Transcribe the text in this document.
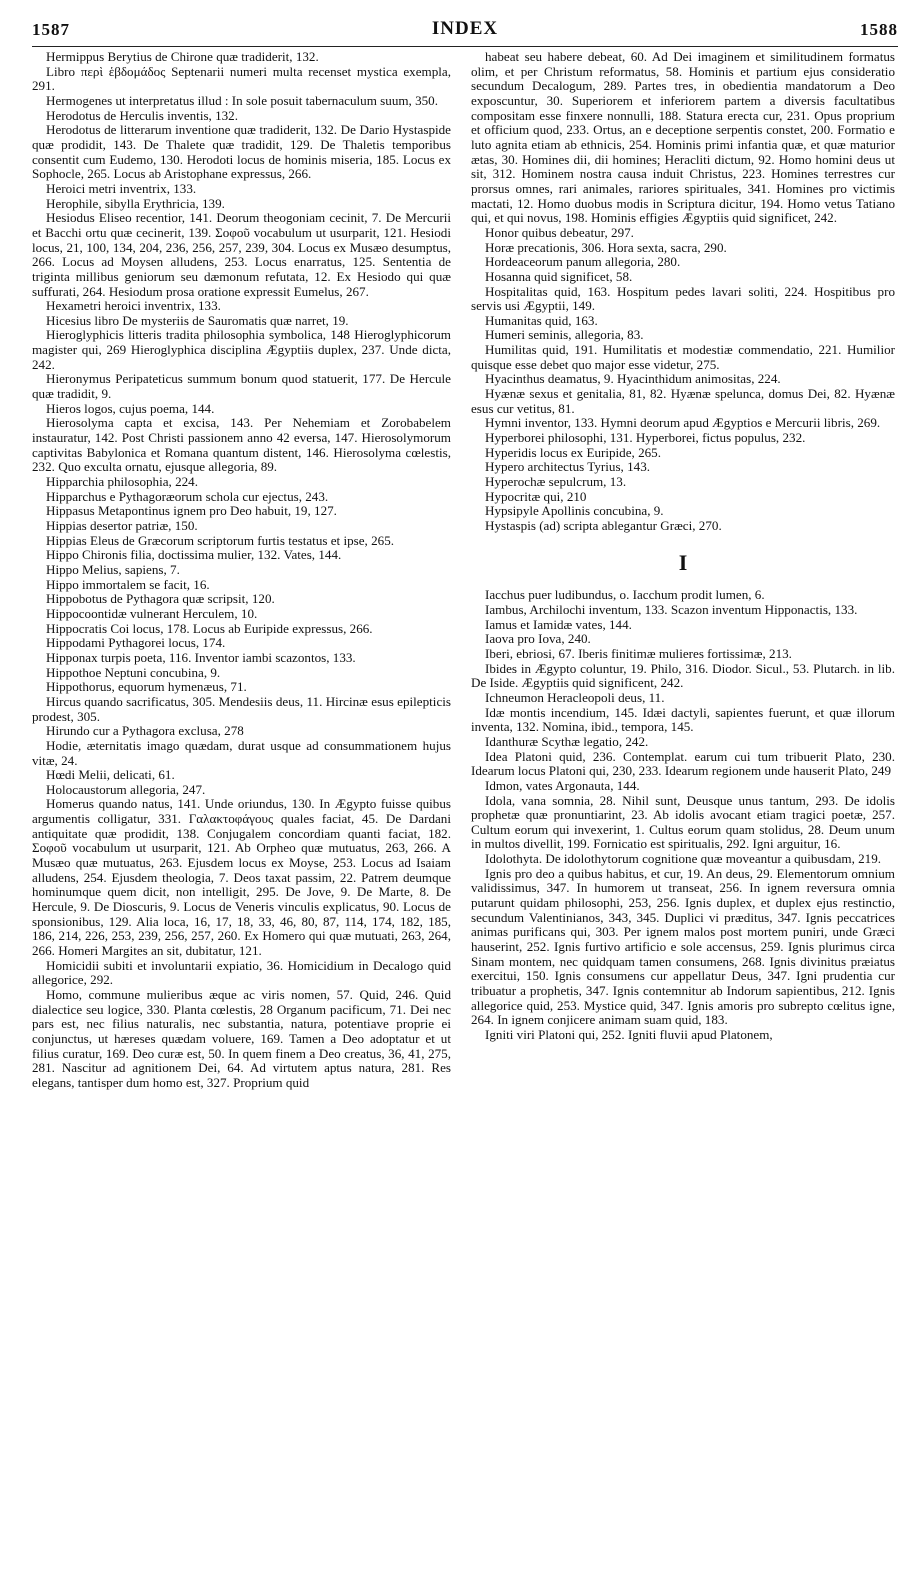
1587	INDEX	1588

Hermippus Berytius de Chirone quæ tradiderit, 132.

Libro περὶ ἑβδομάδος Septenarii numeri multa recenset mystica exempla, 291.

Hermogenes ut interpretatus illud : In sole posuit tabernaculum suum, 350.

Herodotus de Herculis inventis, 132.

Herodotus de litterarum inventione quæ tradiderit, 132. De Dario Hystaspide quæ prodidit, 143. De Thalete quæ tradidit, 129. De Thaletis temporibus consentit cum Eudemo, 130. Herodoti locus de hominis miseria, 185. Locus ex Sophocle, 265. Locus ab Aristophane expressus, 266.

Heroici metri inventrix, 133.

Herophile, sibylla Erythricia, 139.

Hesiodus Eliseo recentior, 141. Deorum theogoniam cecinit, 7. De Mercurii et Bacchi ortu quæ cecinerit, 139. Σοφοῦ vocabulum ut usurparit, 121. Hesiodi locus, 21, 100, 134, 204, 236, 256, 257, 239, 304. Locus ex Musæo desumptus, 266. Locus ad Moysen alludens, 253. Locus enarratus, 125. Sententia de triginta millibus geniorum seu dæmonum refutata, 12. Ex Hesiodo qui quæ suffurati, 264. Hesiodum prosa oratione expressit Eumelus, 267.

Hexametri heroici inventrix, 133.

Hicesius libro De mysteriis de Sauromatis quæ narret, 19.

Hieroglyphicis litteris tradita philosophia symbolica, 148 Hieroglyphicorum magister qui, 269 Hieroglyphica disciplina Ægyptiis duplex, 237. Unde dicta, 242.

Hieronymus Peripateticus summum bonum quod statuerit, 177. De Hercule quæ tradidit, 9.

Hieros logos, cujus poema, 144.

Hierosolyma capta et excisa, 143. Per Nehemiam et Zorobabelem instauratur, 142. Post Christi passionem anno 42 eversa, 147. Hierosolymorum captivitas Babylonica et Romana quantum distent, 146. Hierosolyma cœlestis, 232. Quo exculta ornatu, ejusque allegoria, 89.

Hipparchia philosophia, 224.

Hipparchus e Pythagoræorum schola cur ejectus, 243.

Hippasus Metapontinus ignem pro Deo habuit, 19, 127.

Hippias desertor patriæ, 150.

Hippias Eleus de Græcorum scriptorum furtis testatus et ipse, 265.

Hippo Chironis filia, doctissima mulier, 132. Vates, 144.

Hippo Melius, sapiens, 7.

Hippo immortalem se facit, 16.

Hippobotus de Pythagora quæ scripsit, 120.

Hippocoontidæ vulnerant Herculem, 10.

Hippocratis Coi locus, 178. Locus ab Euripide expressus, 266.

Hippodami Pythagorei locus, 174.

Hipponax turpis poeta, 116. Inventor iambi scazontos, 133.

Hippothoe Neptuni concubina, 9.

Hippothorus, equorum hymenæus, 71.

Hircus quando sacrificatus, 305. Mendesiis deus, 11. Hircinæ esus epilepticis prodest, 305.

Hirundo cur a Pythagora exclusa, 278

Hodie, æternitatis imago quædam, durat usque ad consummationem hujus vitæ, 24.

Hœdi Melii, delicati, 61.

Holocaustorum allegoria, 247.

Homerus quando natus, 141. Unde oriundus, 130. In Ægypto fuisse quibus argumentis colligatur, 331. Γαλακτοφάγους quales faciat, 45. De Dardani antiquitate quæ prodidit, 138. Conjugalem concordiam quanti faciat, 182. Σοφοῦ vocabulum ut usurparit, 121. Ab Orpheo quæ mutuatus, 263, 266. A Musæo quæ mutuatus, 263. Ejusdem locus ex Moyse, 253. Locus ad Isaiam alludens, 254. Ejusdem theologia, 7. Deos taxat passim, 22. Patrem deumque hominumque quem dicit, non intelligit, 295. De Jove, 9. De Marte, 8. De Hercule, 9. De Dioscuris, 9. Locus de Veneris vinculis explicatus, 90. Locus de sponsionibus, 129. Alia loca, 16, 17, 18, 33, 46, 80, 87, 114, 174, 182, 185, 186, 214, 226, 253, 239, 256, 257, 260. Ex Homero qui quæ mutuati, 263, 264, 266. Homeri Margites an sit, dubitatur, 121.

Homicidii subiti et involuntarii expiatio, 36. Homicidium in Decalogo quid allegorice, 292.

Homo, commune mulieribus æque ac viris nomen, 57. Quid, 246. Quid dialectice seu logice, 330. Planta cœlestis, 28 Organum pacificum, 71. Dei nec pars est, nec filius naturalis, nec substantia, natura, potentiave proprie ei conjunctus, ut hæreses quædam voluere, 169. Tamen a Deo adoptatur et ut filius curatur, 169. Deo curæ est, 50. In quem finem a Deo creatus, 36, 41, 275, 281. Nascitur ad agnitionem Dei, 64. Ad virtutem aptus natura, 281. Res elegans, tantisper dum homo est, 327. Proprium quid

habeat seu habere debeat, 60. Ad Dei imaginem et similitudinem formatus olim, et per Christum reformatus, 58. Hominis et partium ejus consideratio secundum Decalogum, 289. Partes tres, in obedientia mandatorum a Deo exposcuntur, 30. Superiorem et inferiorem partem a diversis facultatibus compositam esse finxere nonnulli, 188. Statura erecta cur, 231. Opus proprium et officium quod, 233. Ortus, an e deceptione serpentis constet, 200. Formatio e luto agnita etiam ab ethnicis, 254. Hominis primi infantia quæ, et quæ maturior ætas, 30. Homines dii, dii homines; Heracliti dictum, 92. Homo homini deus ut sit, 312. Hominem nostra causa induit Christus, 223. Homines terrestres cur prorsus omnes, rari animales, rariores spirituales, 341. Homines pro victimis mactati, 12. Homo duobus modis in Scriptura dicitur, 194. Homo vetus Tatiano qui, et qui novus, 198. Hominis effigies Ægyptiis quid significet, 242.

Honor quibus debeatur, 297.

Horæ precationis, 306. Hora sexta, sacra, 290.

Hordeaceorum panum allegoria, 280.

Hosanna quid significet, 58.

Hospitalitas quid, 163. Hospitum pedes lavari soliti, 224. Hospitibus pro servis usi Ægyptii, 149.

Humanitas quid, 163.

Humeri seminis, allegoria, 83.

Humilitas quid, 191. Humilitatis et modestiæ commendatio, 221. Humilior quisque esse debet quo major esse videtur, 275.

Hyacinthus deamatus, 9. Hyacinthidum animositas, 224.

Hyænæ sexus et genitalia, 81, 82. Hyænæ spelunca, domus Dei, 82. Hyænæ esus cur vetitus, 81.

Hymni inventor, 133. Hymni deorum apud Ægyptios e Mercurii libris, 269.

Hyperborei philosophi, 131. Hyperborei, fictus populus, 232.

Hyperidis locus ex Euripide, 265.

Hypero architectus Tyrius, 143.

Hyperochæ sepulcrum, 13.

Hypocritæ qui, 210

Hypsipyle Apollinis concubina, 9.

Hystaspis (ad) scripta ablegantur Græci, 270.

I

Iacchus puer ludibundus, o. Iacchum prodit lumen, 6.

Iambus, Archilochi inventum, 133. Scazon inventum Hipponactis, 133.

Iamus et Iamidæ vates, 144.

Iaova pro Iova, 240.

Iberi, ebriosi, 67. Iberis finitimæ mulieres fortissimæ, 213.

Ibides in Ægypto coluntur, 19. Philo, 316. Diodor. Sicul., 53. Plutarch. in lib. De Iside. Ægyptiis quid significent, 242.

Ichneumon Heracleopoli deus, 11.

Idæ montis incendium, 145. Idæi dactyli, sapientes fuerunt, et quæ illorum inventa, 132. Nomina, ibid., tempora, 145.

Idanthuræ Scythæ legatio, 242.

Idea Platoni quid, 236. Contemplat. earum cui tum tribuerit Plato, 230. Idearum locus Platoni qui, 230, 233. Idearum regionem unde hauserit Plato, 249

Idmon, vates Argonauta, 144.

Idola, vana somnia, 28. Nihil sunt, Deusque unus tantum, 293. De idolis prophetæ quæ pronuntiarint, 23. Ab idolis avocant etiam tragici poetæ, 257. Cultum eorum qui invexerint, 1. Cultus eorum quam stolidus, 28. Deum unum in multos divellit, 199. Fornicatio est spiritualis, 292. Igni arguitur, 16.

Idolothyta. De idolothytorum cognitione quæ moveantur a quibusdam, 219.

Ignis pro deo a quibus habitus, et cur, 19. An deus, 29. Elementorum omnium validissimus, 347. In humorem ut transeat, 256. In ignem reversura omnia putarunt quidam philosophi, 253, 256. Ignis duplex, et duplex ejus restinctio, secundum Valentinianos, 343, 345. Duplici vi præditus, 347. Ignis peccatrices animas purificans qui, 303. Per ignem malos post mortem puniri, unde Græci hauserint, 252. Ignis furtivo artificio e sole accensus, 259. Ignis plurimus circa Sinam montem, nec quidquam tamen consumens, 268. Ignis divinitus præiatus exercitui, 150. Ignis consumens cur appellatur Deus, 347. Igni prudentia cur tribuatur a prophetis, 347. Ignis contemnitur ab Indorum sapientibus, 212. Ignis allegorice quid, 253. Mystice quid, 347. Ignis amoris pro subrepto cœlitus igne, 264. In ignem conjicere animam suam quid, 183.

Igniti viri Platoni qui, 252. Igniti fluvii apud Platonem,
